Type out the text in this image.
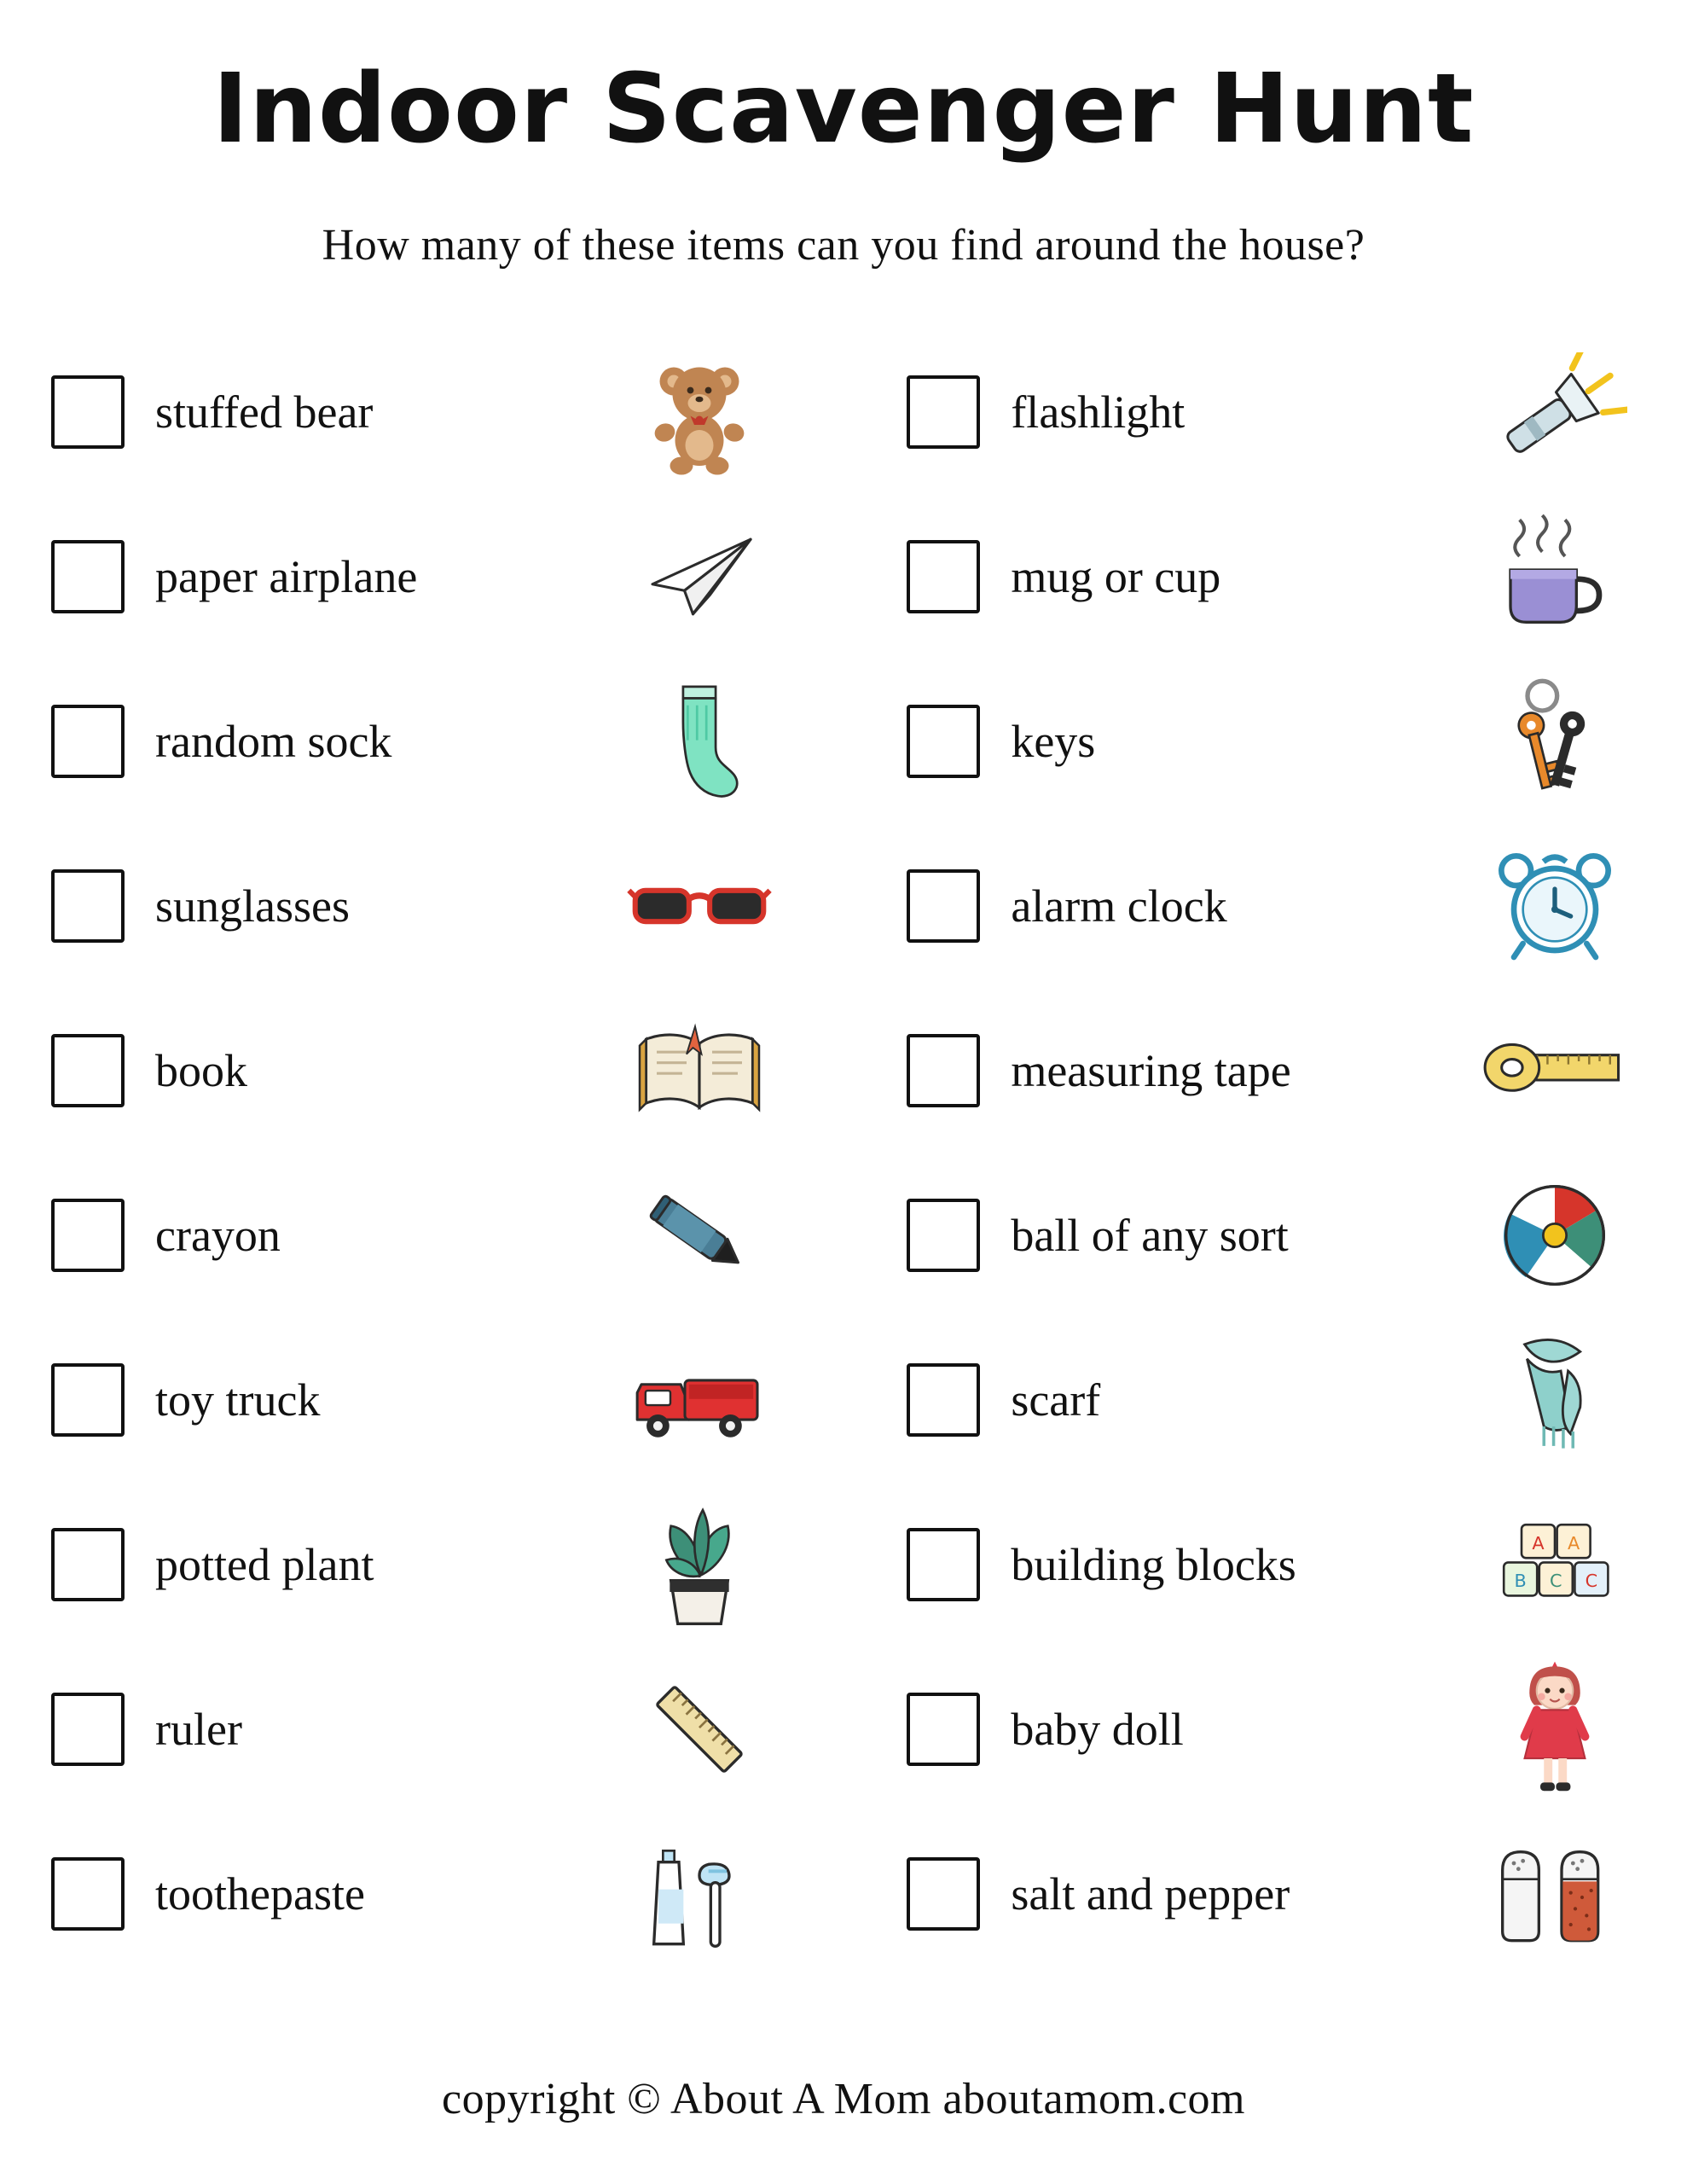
Indoor Scavenger Hunt
How many of these items can you find around the house?
stuffed bear
paper airplane
random sock
sunglasses
book
crayon
toy truck
potted plant
ruler
toothepaste
flashlight
mug or cup
keys
alarm clock
measuring tape
ball of any sort
scarf
building blocks	A A
B C C
baby doll
salt and pepper
copyright © About A Mom aboutamom.com
